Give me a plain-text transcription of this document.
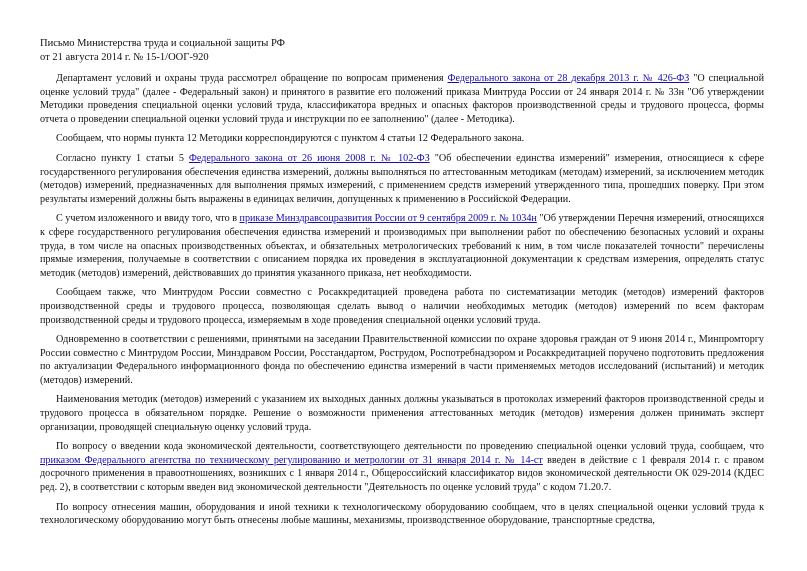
Письмо Министерства труда и социальной защиты РФ
от 21 августа 2014 г. № 15-1/ООГ-920

Департамент условий и охраны труда рассмотрел обращение по вопросам применения Федерального закона от 28 декабря 2013 г. № 426-ФЗ "О специальной оценке условий труда" (далее - Федеральный закон) и принятого в развитие его положений приказа Минтруда России от 24 января 2014 г. № 33н "Об утверждении Методики проведения специальной оценки условий труда, классификатора вредных и опасных факторов производственной среды и трудового процесса, формы отчета о проведении специальной оценки условий труда и инструкции по ее заполнению" (далее - Методика).

Сообщаем, что нормы пункта 12 Методики корреспондируются с пунктом 4 статьи 12 Федерального закона.

Согласно пункту 1 статьи 5 Федерального закона от 26 июня 2008 г. № 102-ФЗ "Об обеспечении единства измерений" измерения, относящиеся к сфере государственного регулирования обеспечения единства измерений, должны выполняться по аттестованным методикам (методам) измерений, за исключением методик (методов) измерений, предназначенных для выполнения прямых измерений, с применением средств измерений утвержденного типа, прошедших поверку. При этом результаты измерений должны быть выражены в единицах величин, допущенных к применению в Российской Федерации.

С учетом изложенного и ввиду того, что в приказе Минздравсоцразвития России от 9 сентября 2009 г. № 1034н "Об утверждении Перечня измерений, относящихся к сфере государственного регулирования обеспечения единства измерений и производимых при выполнении работ по обеспечению безопасных условий и охраны труда, в том числе на опасных производственных объектах, и обязательных метрологических требований к ним, в том числе показателей точности" перечислены прямые измерения, получаемые в соответствии с описанием порядка их проведения в эксплуатационной документации к средствам измерения, определять статус методик (методов) измерений, действовавших до принятия указанного приказа, нет необходимости.

Сообщаем также, что Минтрудом России совместно с Росаккредитацией проведена работа по систематизации методик (методов) измерений факторов производственной среды и трудового процесса, позволяющая сделать вывод о наличии необходимых методик (методов) измерений по всем факторам производственной среды и трудового процесса, измеряемым в ходе проведения специальной оценки условий труда.

Одновременно в соответствии с решениями, принятыми на заседании Правительственной комиссии по охране здоровья граждан от 9 июня 2014 г., Минпромторгу России совместно с Минтрудом России, Минздравом России, Росстандартом, Рострудом, Роспотребнадзором и Росаккредитацией поручено подготовить предложения по актуализации Федерального информационного фонда по обеспечению единства измерений в части применяемых методов исследований (испытаний) и методик (методов) измерений.

Наименования методик (методов) измерений с указанием их выходных данных должны указываться в протоколах измерений факторов производственной среды и трудового процесса в обязательном порядке. Решение о возможности применения аттестованных методик (методов) измерения должен принимать эксперт организации, проводящей специальную оценку условий труда.

По вопросу о введении кода экономической деятельности, соответствующего деятельности по проведению специальной оценки условий труда, сообщаем, что приказом Федерального агентства по техническому регулированию и метрологии от 31 января 2014 г. № 14-ст введен в действие с 1 февраля 2014 г. с правом досрочного применения в правоотношениях, возникших с 1 января 2014 г., Общероссийский классификатор видов экономической деятельности ОК 029-2014 (КДЕС ред. 2), в соответствии с которым введен вид экономической деятельности "Деятельность по оценке условий труда" с кодом 71.20.7.

По вопросу отнесения машин, оборудования и иной техники к технологическому оборудованию сообщаем, что в целях специальной оценки условий труда к технологическому оборудованию могут быть отнесены любые машины, механизмы, производственное оборудование, транспортные средства,
